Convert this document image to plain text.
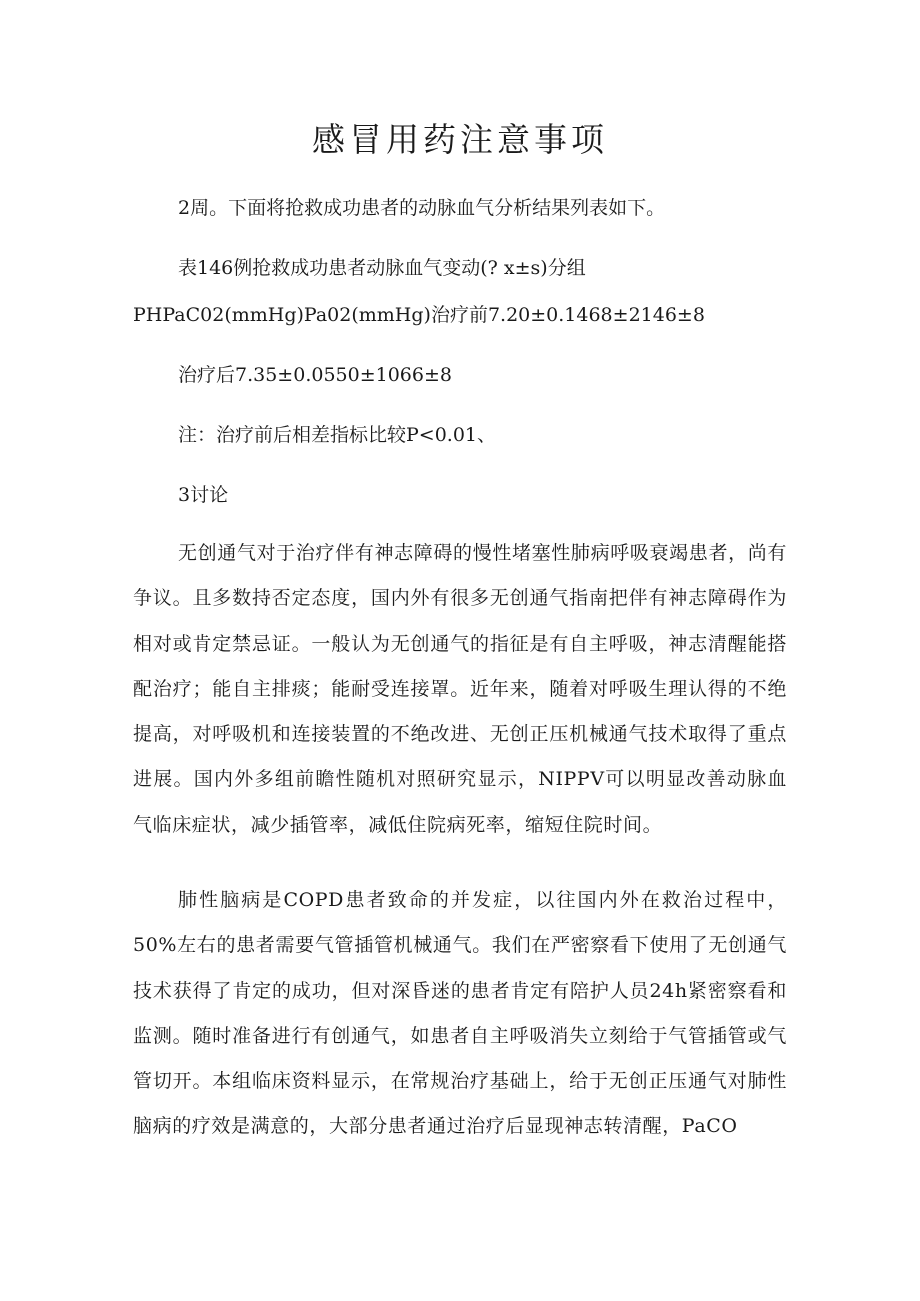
感冒用药注意事项

2周。下面将抢救成功患者的动脉血气分析结果列表如下。

表146例抢救成功患者动脉血气变动(? x±s)分组

PHPaC02(mmHg)Pa02(mmHg)治疗前7.20±0.1468±2146±8

治疗后7.35±0.0550±1066±8

注：治疗前后相差指标比较P<0.01、

3讨论

无创通气对于治疗伴有神志障碍的慢性堵塞性肺病呼吸衰竭患者，尚有争议。且多数持否定态度，国内外有很多无创通气指南把伴有神志障碍作为相对或肯定禁忌证。一般认为无创通气的指征是有自主呼吸，神志清醒能搭配治疗；能自主排痰；能耐受连接罩。近年来，随着对呼吸生理认得的不绝提高，对呼吸机和连接装置的不绝改进、无创正压机械通气技术取得了重点进展。国内外多组前瞻性随机对照研究显示，NIPPV可以明显改善动脉血气临床症状，减少插管率，减低住院病死率，缩短住院时间。

肺性脑病是COPD患者致命的并发症，以往国内外在救治过程中，50%左右的患者需要气管插管机械通气。我们在严密察看下使用了无创通气技术获得了肯定的成功，但对深昏迷的患者肯定有陪护人员24h紧密察看和监测。随时准备进行有创通气，如患者自主呼吸消失立刻给于气管插管或气管切开。本组临床资料显示，在常规治疗基础上，给于无创正压通气对肺性脑病的疗效是满意的，大部分患者通过治疗后显现神志转清醒，PaCO
